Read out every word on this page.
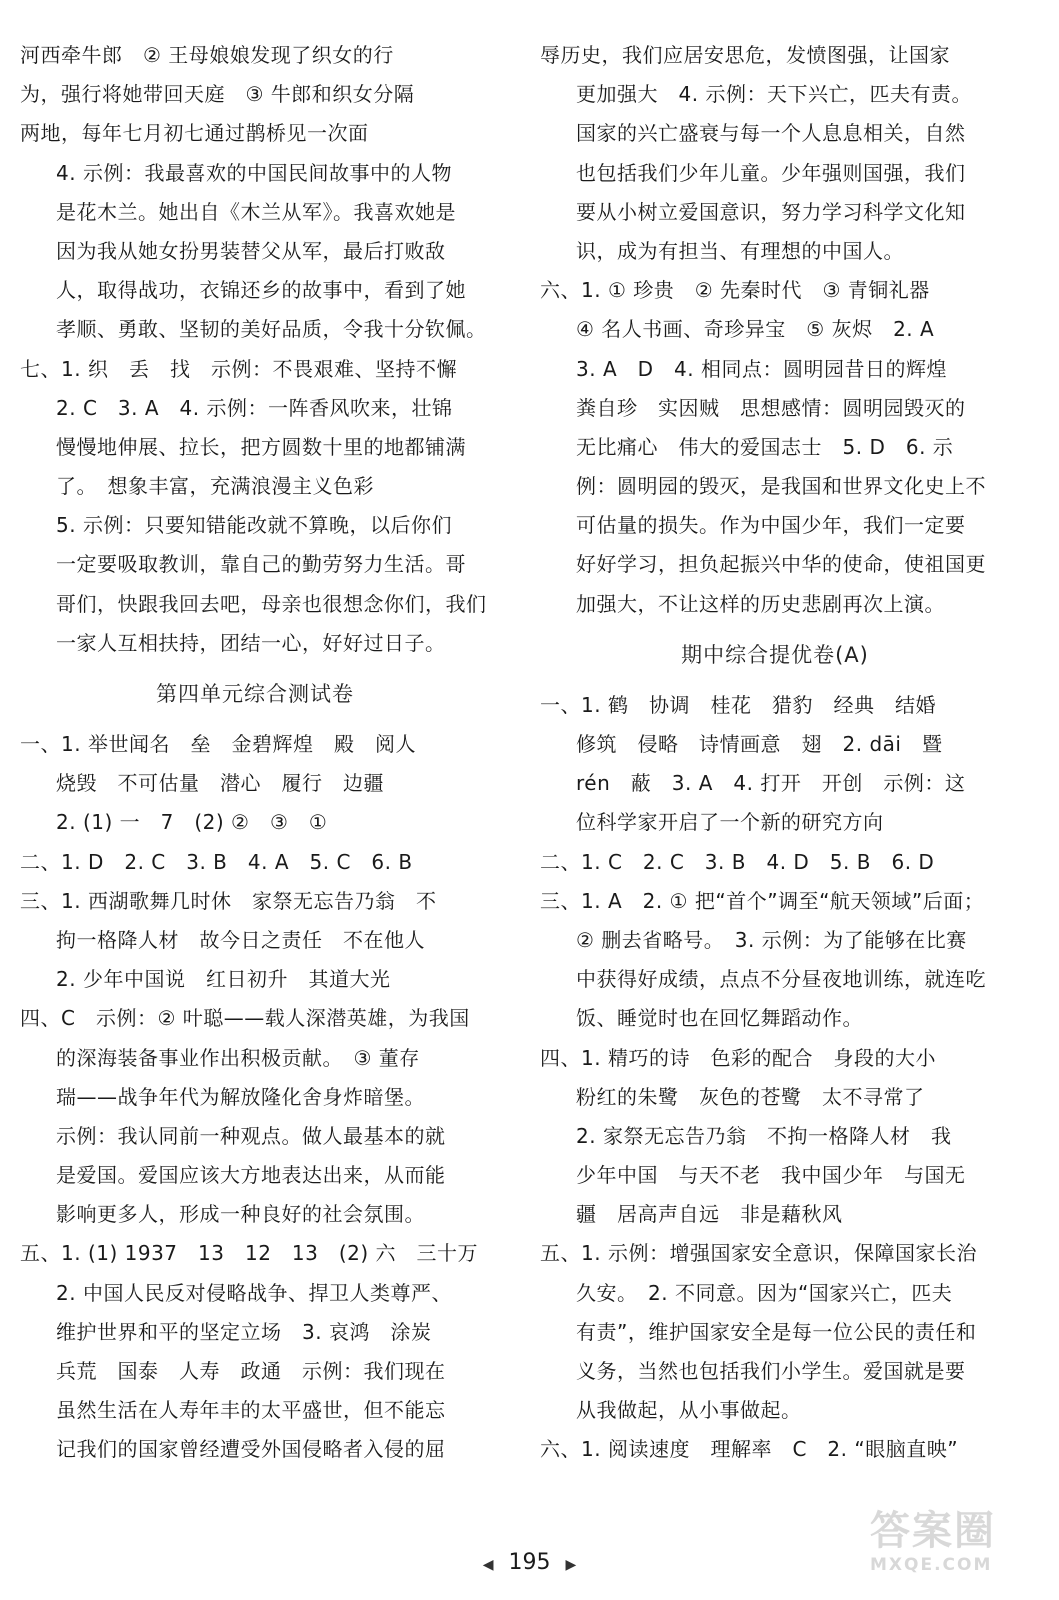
河西牵牛郎　② 王母娘娘发现了织女的行
为，强行将她带回天庭　③ 牛郎和织女分隔
两地，每年七月初七通过鹊桥见一次面
4. 示例：我最喜欢的中国民间故事中的人物
是花木兰。她出自《木兰从军》。我喜欢她是
因为我从她女扮男装替父从军，最后打败敌
人，取得战功，衣锦还乡的故事中，看到了她
孝顺、勇敢、坚韧的美好品质，令我十分钦佩。
七、1. 织　丢　找　示例：不畏艰难、坚持不懈
2. C　3. A　4. 示例：一阵香风吹来，壮锦
慢慢地伸展、拉长，把方圆数十里的地都铺满
了。　想象丰富，充满浪漫主义色彩
5. 示例：只要知错能改就不算晚，以后你们
一定要吸取教训，靠自己的勤劳努力生活。哥
哥们，快跟我回去吧，母亲也很想念你们，我们
一家人互相扶持，团结一心，好好过日子。
第四单元综合测试卷
一、1. 举世闻名　垒　金碧辉煌　殿　阅人
烧毁　不可估量　潜心　履行　边疆
2. (1) 一　7　(2) ②　③　①
二、1. D　2. C　3. B　4. A　5. C　6. B
三、1. 西湖歌舞几时休　家祭无忘告乃翁　不
拘一格降人材　故今日之责任　不在他人
2. 少年中国说　红日初升　其道大光
四、C　示例：② 叶聪——载人深潜英雄，为我国
的深海装备事业作出积极贡献。　③ 董存
瑞——战争年代为解放隆化舍身炸暗堡。
示例：我认同前一种观点。做人最基本的就
是爱国。爱国应该大方地表达出来，从而能
影响更多人，形成一种良好的社会氛围。
五、1. (1) 1937　13　12　13　(2) 六　三十万
2. 中国人民反对侵略战争、捍卫人类尊严、
维护世界和平的坚定立场　3. 哀鸿　涂炭
兵荒　国泰　人寿　政通　示例：我们现在
虽然生活在人寿年丰的太平盛世，但不能忘
记我们的国家曾经遭受外国侵略者入侵的屈
辱历史，我们应居安思危，发愤图强，让国家
更加强大　4. 示例：天下兴亡，匹夫有责。
国家的兴亡盛衰与每一个人息息相关，自然
也包括我们少年儿童。少年强则国强，我们
要从小树立爱国意识，努力学习科学文化知
识，成为有担当、有理想的中国人。
六、1. ① 珍贵　② 先秦时代　③ 青铜礼器
④ 名人书画、奇珍异宝　⑤ 灰烬　2. A
3. A　D　4. 相同点：圆明园昔日的辉煌
粪自珍　实因贼　思想感情：圆明园毁灭的
无比痛心　伟大的爱国志士　5. D　6. 示
例：圆明园的毁灭，是我国和世界文化史上不
可估量的损失。作为中国少年，我们一定要
好好学习，担负起振兴中华的使命，使祖国更
加强大，不让这样的历史悲剧再次上演。
期中综合提优卷(A)
一、1. 鹤　协调　桂花　猎豹　经典　结婚
修筑　侵略　诗情画意　翅　2. dāi　暨
rén　蔽　3. A　4. 打开　开创　示例：这
位科学家开启了一个新的研究方向
二、1. C　2. C　3. B　4. D　5. B　6. D
三、1. A　2. ① 把“首个”调至“航天领域”后面；
② 删去省略号。　3. 示例：为了能够在比赛
中获得好成绩，点点不分昼夜地训练，就连吃
饭、睡觉时也在回忆舞蹈动作。
四、1. 精巧的诗　色彩的配合　身段的大小
粉红的朱鹭　灰色的苍鹭　太不寻常了
2. 家祭无忘告乃翁　不拘一格降人材　我
少年中国　与天不老　我中国少年　与国无
疆　居高声自远　非是藉秋风
五、1. 示例：增强国家安全意识，保障国家长治
久安。　2. 不同意。因为“国家兴亡，匹夫
有责”，维护国家安全是每一位公民的责任和
义务，当然也包括我们小学生。爱国就是要
从我做起，从小事做起。
六、1. 阅读速度　理解率　C　2. “眼脑直映”
◀ 195 ▶
答案圈
MXQE.COM
